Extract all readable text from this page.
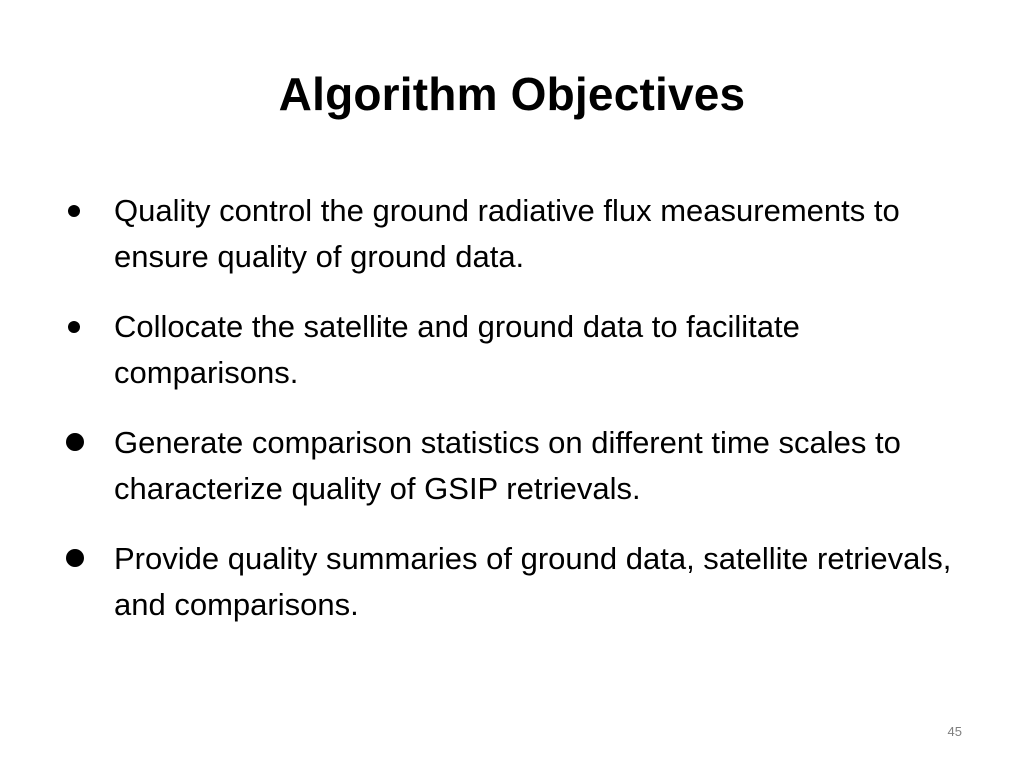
Algorithm Objectives
Quality control the ground radiative flux measurements to ensure quality of ground data.
Collocate the satellite and ground data to facilitate comparisons.
Generate comparison statistics on different time scales to characterize quality of GSIP retrievals.
Provide quality summaries of ground data, satellite retrievals, and comparisons.
45
